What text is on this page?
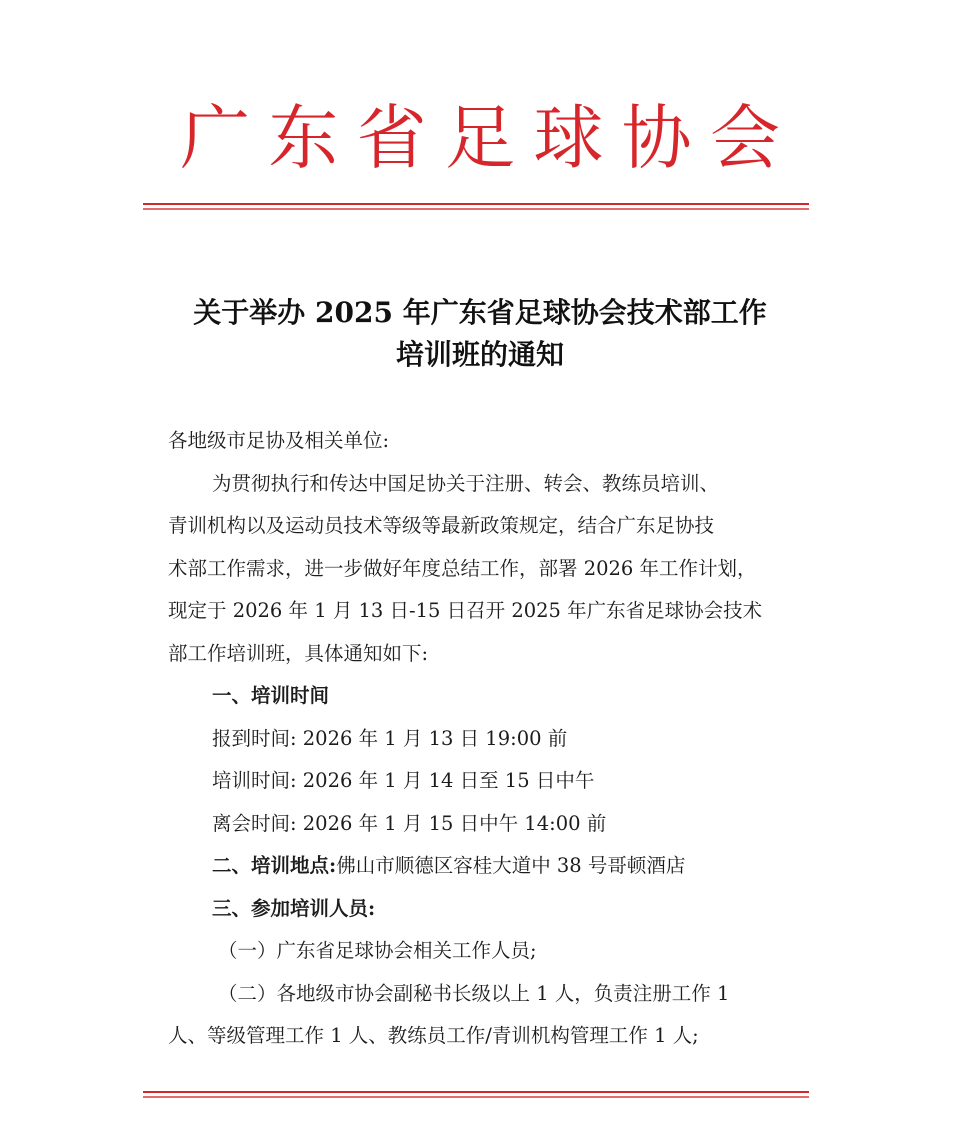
广 东 省 足 球 协 会
关于举办 2025 年广东省足球协会技术部工作
培训班的通知
各地级市足协及相关单位:
为贯彻执行和传达中国足协关于注册、转会、教练员培训、
青训机构以及运动员技术等级等最新政策规定，结合广东足协技
术部工作需求，进一步做好年度总结工作，部署 2026 年工作计划，
现定于 2026 年 1 月 13 日-15 日召开 2025 年广东省足球协会技术
部工作培训班，具体通知如下:
一、培训时间
报到时间: 2026 年 1 月 13 日 19:00 前
培训时间: 2026 年 1 月 14 日至 15 日中午
离会时间: 2026 年 1 月 15 日中午 14:00 前
二、培训地点:佛山市顺德区容桂大道中 38 号哥顿酒店
三、参加培训人员:
（一）广东省足球协会相关工作人员;
（二）各地级市协会副秘书长级以上 1 人，负责注册工作 1
人、等级管理工作 1 人、教练员工作/青训机构管理工作 1 人;
